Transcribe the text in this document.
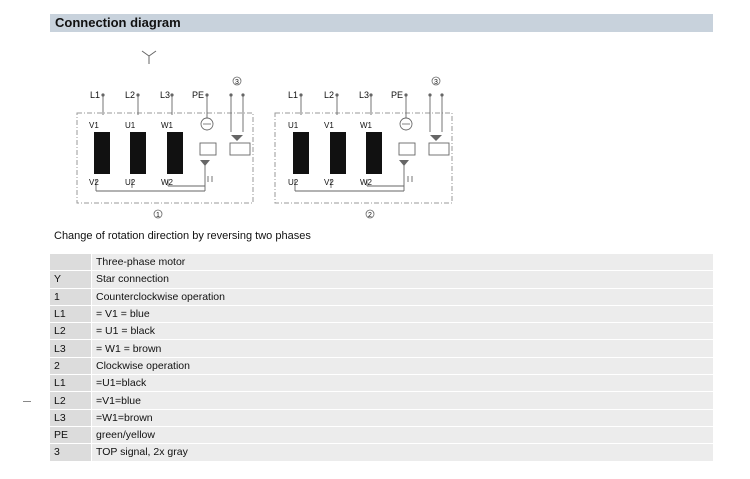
Connection diagram
L1	L2	L3 PE
3
V1	U1	W1
V2	U2	W2
1
L1	L2	L3 PE
3
U1	V1	W1
U2	V2	W2
2
Change of rotation direction by reversing two phases
	Three-phase motor
Y	Star connection
1	Counterclockwise operation
L1	= V1 = blue
L2	= U1 = black
L3	= W1 = brown
2	Clockwise operation
L1	=U1=black
L2	=V1=blue
L3	=W1=brown
PE	green/yellow
3	TOP signal, 2x gray
